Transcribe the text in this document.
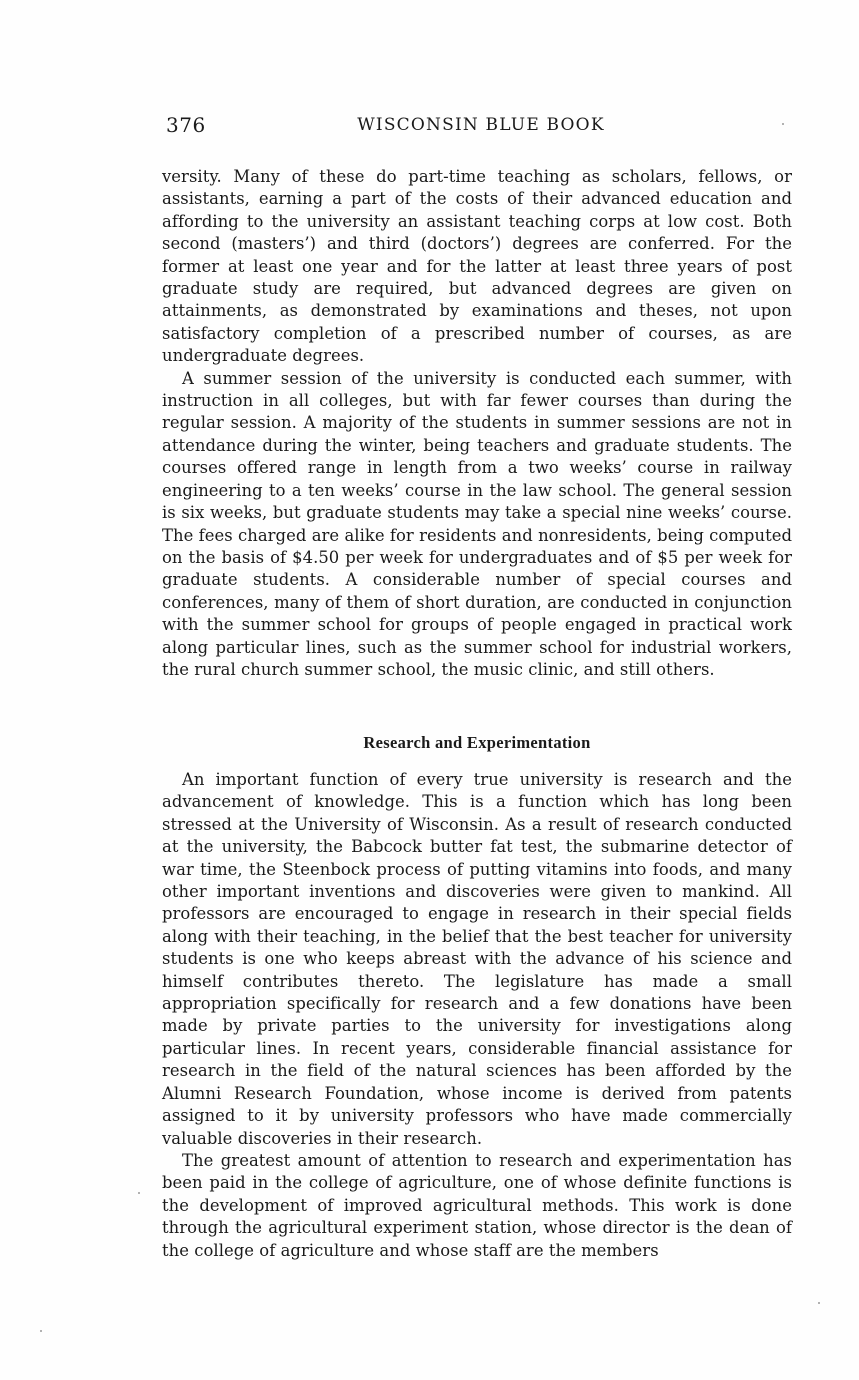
376	WISCONSIN BLUE BOOK

versity. Many of these do part-time teaching as scholars, fellows, or assistants, earning a part of the costs of their advanced education and affording to the university an assistant teaching corps at low cost. Both second (masters’) and third (doctors’) degrees are conferred. For the former at least one year and for the latter at least three years of post graduate study are required, but advanced degrees are given on attainments, as demonstrated by examinations and theses, not upon satisfactory completion of a prescribed number of courses, as are undergraduate degrees.

A summer session of the university is conducted each summer, with instruction in all colleges, but with far fewer courses than during the regular session. A majority of the students in summer sessions are not in attendance during the winter, being teachers and graduate students. The courses offered range in length from a two weeks’ course in railway engineering to a ten weeks’ course in the law school. The general session is six weeks, but graduate students may take a special nine weeks’ course. The fees charged are alike for residents and nonresidents, being computed on the basis of $4.50 per week for undergraduates and of $5 per week for graduate students. A considerable number of special courses and conferences, many of them of short duration, are conducted in conjunction with the summer school for groups of people engaged in practical work along particular lines, such as the summer school for industrial workers, the rural church summer school, the music clinic, and still others.

Research and Experimentation

An important function of every true university is research and the advancement of knowledge. This is a function which has long been stressed at the University of Wisconsin. As a result of research conducted at the university, the Babcock butter fat test, the submarine detector of war time, the Steenbock process of putting vitamins into foods, and many other important inventions and discoveries were given to mankind. All professors are encouraged to engage in research in their special fields along with their teaching, in the belief that the best teacher for university students is one who keeps abreast with the advance of his science and himself contributes thereto. The legislature has made a small appropriation specifically for research and a few donations have been made by private parties to the university for investigations along particular lines. In recent years, considerable financial assistance for research in the field of the natural sciences has been afforded by the Alumni Research Foundation, whose income is derived from patents assigned to it by university professors who have made commercially valuable discoveries in their research.

The greatest amount of attention to research and experimentation has been paid in the college of agriculture, one of whose definite functions is the development of improved agricultural methods. This work is done through the agricultural experiment station, whose director is the dean of the college of agriculture and whose staff are the members
